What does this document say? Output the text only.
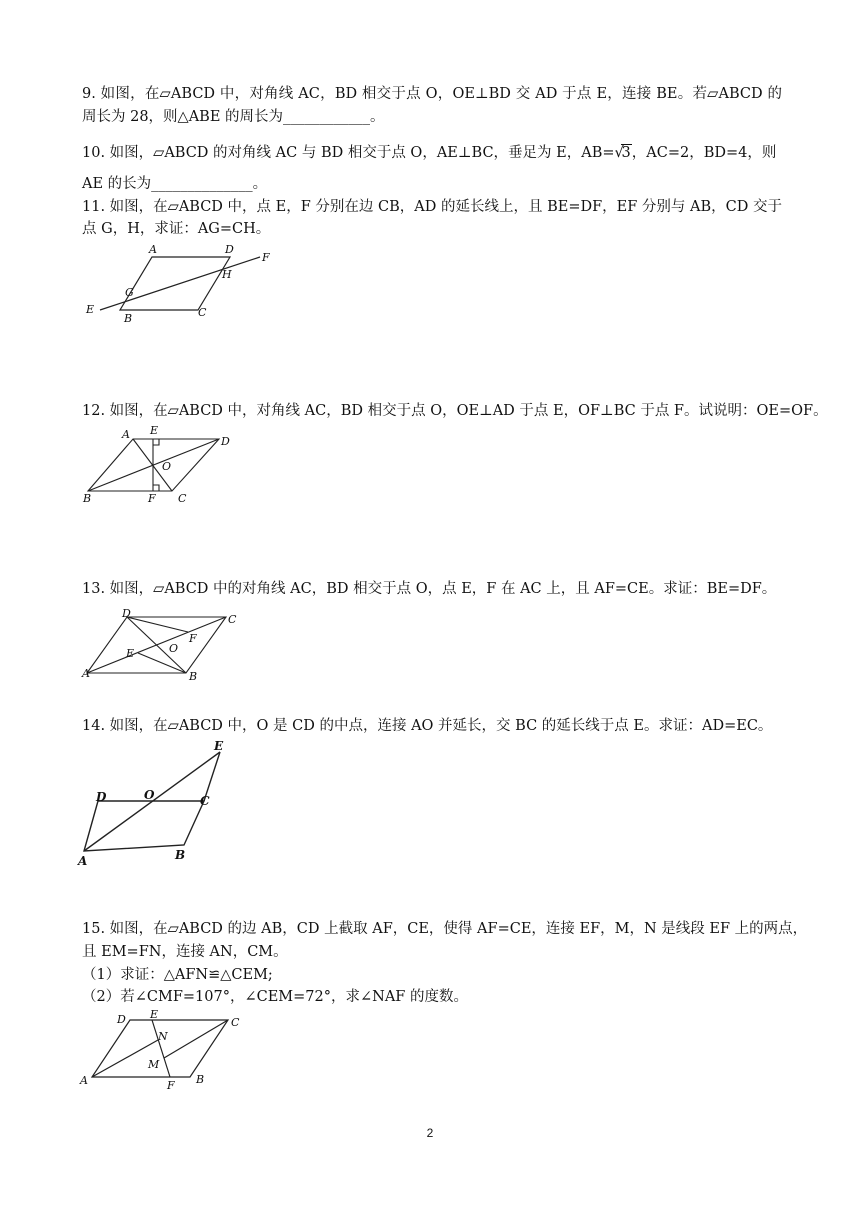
9. 如图，在▱ABCD 中，对角线 AC，BD 相交于点 O，OE⊥BD 交 AD 于点 E，连接 BE。若▱ABCD 的
周长为 28，则△ABE 的周长为____________。
10. 如图，▱ABCD 的对角线 AC 与 BD 相交于点 O，AE⊥BC，垂足为 E，AB= √
3，AC=2，BD=4，则
AE 的长为______________。
11. 如图，在▱ABCD 中，点 E，F 分别在边 CB，AD 的延长线上，且 BE=DF，EF 分别与 AB，CD 交于
点 G，H，求证：AG=CH。
A	D
F
H
G
E
B	C
12. 如图，在▱ABCD 中，对角线 AC，BD 相交于点 O，OE⊥AD 于点 E，OF⊥BC 于点 F。试说明：OE=OF。
A E
D
O
B	F C
13. 如图，▱ABCD 中的对角线 AC，BD 相交于点 O，点 E，F 在 AC 上，且 AF=CE。求证：BE=DF。
D	C
F
O
E
A	B
14. 如图，在▱ABCD 中，O 是 CD 的中点，连接 AO 并延长，交 BC 的延长线于点 E。求证：AD=EC。
E
D	O	C
A	B
15. 如图，在▱ABCD 的边 AB，CD 上截取 AF，CE，使得 AF=CE，连接 EF，M，N 是线段 EF 上的两点，
且 EM=FN，连接 AN，CM。
（1）求证：△AFN≌△CEM;
（2）若∠CMF=107°，∠CEM=72°，求∠NAF 的度数。
D E
C
N
M
A	F B
2
